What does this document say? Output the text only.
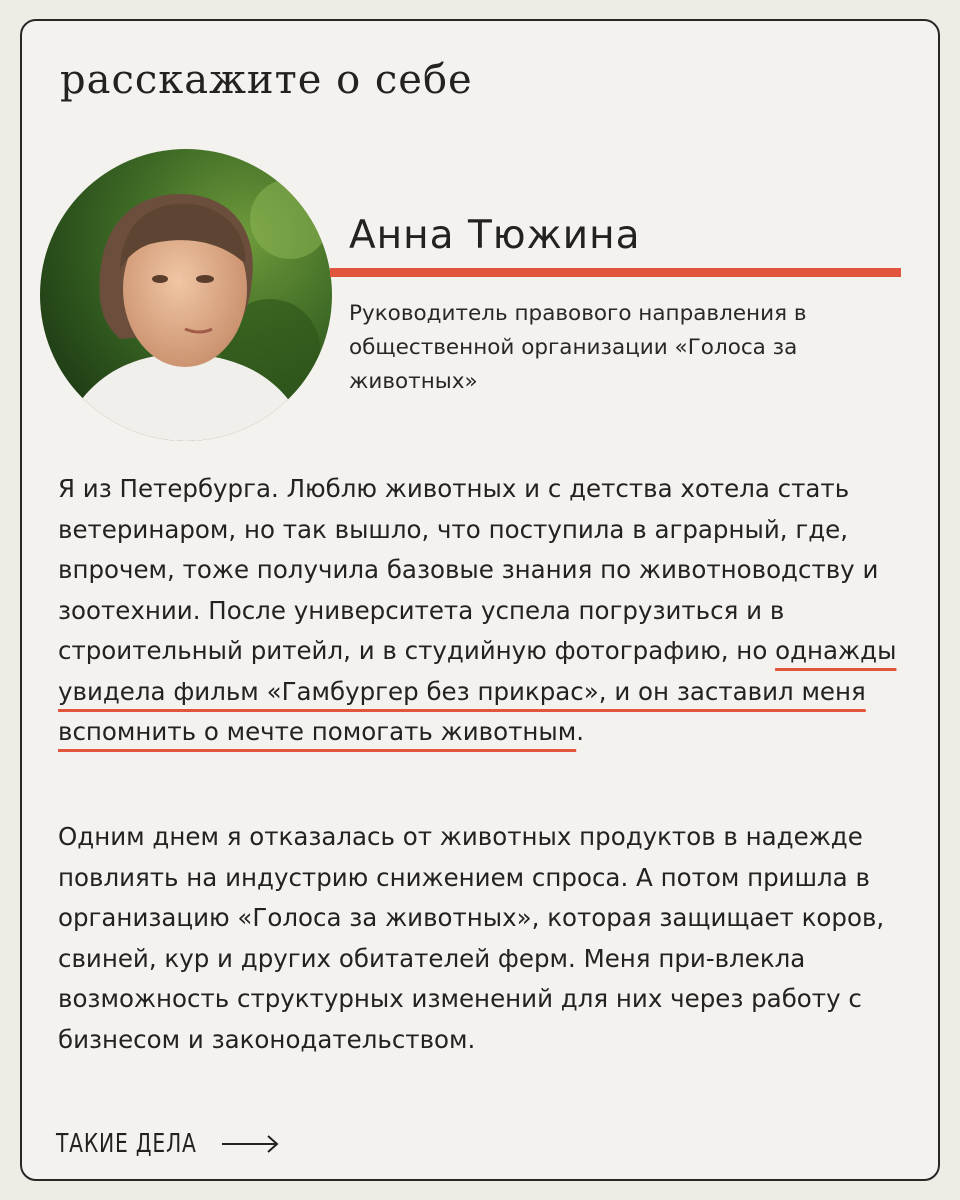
расскажите о себе
Анна Тюжина

Руководитель правового направления в общественной организации «Голоса за животных»

Я из Петербурга. Люблю животных и с детства хотела стать ветеринаром, но так вышло, что поступила в аграрный, где, впрочем, тоже получила базовые знания по животноводству и зоотехнии. После университета успела погрузиться и в строительный ритейл, и в студийную фотографию, но однажды увидела фильм «Гамбургер без прикрас», и он заставил меня вспомнить о мечте помогать животным.

Одним днем я отказалась от животных продуктов в надежде повлиять на индустрию снижением спроса. А потом пришла в организацию «Голоса за животных», которая защищает коров, свиней, кур и других обитателей ферм. Меня при-влекла возможность структурных изменений для них через работу с бизнесом и законодательством.

ТАКИЕ ДЕЛА
